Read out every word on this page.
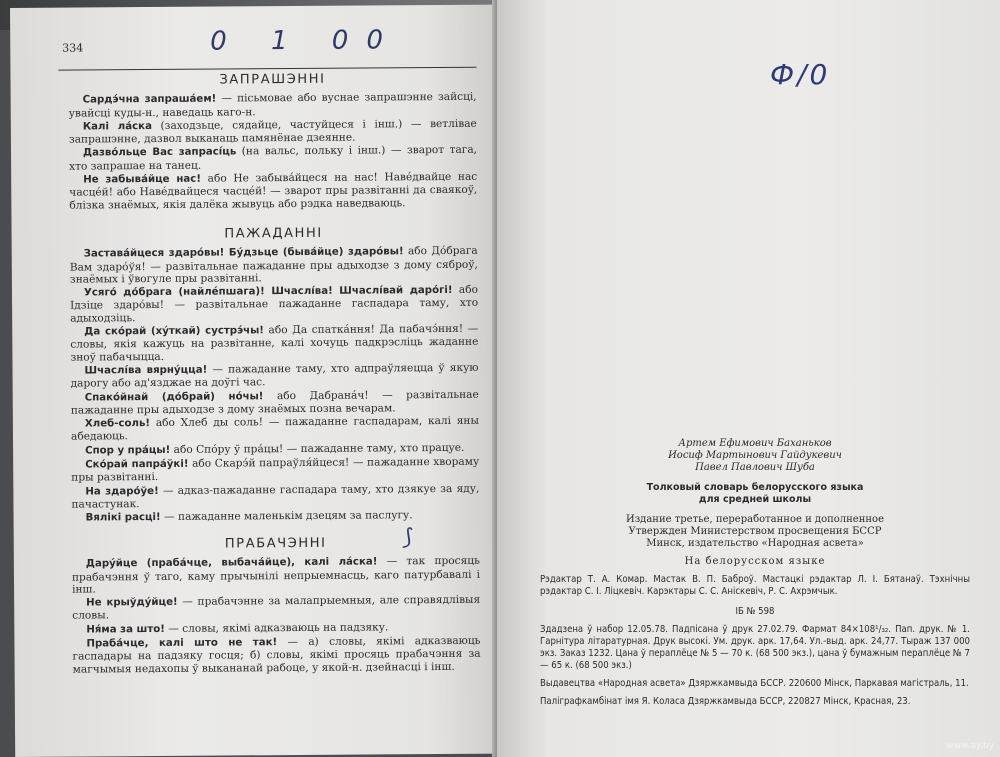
334	0 1 00
ЗАПРАШЭННІ

Сардэ́чна запраша́ем! — пісьмовае або вуснае запрашэнне зайсці, увайсці куды-н., наведаць каго-н.

Калі ла́ска (заходзьце, сядайце, частуйцеся і інш.) — ветлівае запрашэнне, дазвол выканаць памянёнае дзеянне.

Дазво́льце Вас запрасі́ць (на вальс, польку і інш.) — зварот тага, хто запрашае на танец.

Не забыва́йце нас! або Не забыва́йцеся на нас! Наве́двайце нас часце́й! або Наве́двайцеся часце́й! — зварот пры развітанні да сваякоў, блізка знаёмых, якія далёка жывуць або рэдка наведваюць.

ПАЖАДАННІ

Застава́йцеся здаро́вы! Бу́дзьце (быва́йце) здаро́вы! або До́брага Вам здаро́ўя! — развітальнае пажаданне пры адыходзе з дому сяброў, знаёмых і ўвогуле пры развітанні.

Усяго́ до́брага (найле́пшага)! Шчаслі́ва! Шчаслі́вай даро́гі! або Ідзіце здаро́вы! — развітальнае пажаданне гаспадара таму, хто адыходзіць.

Да ско́рай (ху́ткай) сустрэ́чы! або Да спатка́ння! Да пабачэ́ння! — словы, якія кажуць на развітанне, калі хочуць падкрэсліць жаданне зноў пабачыцца.

Шчаслі́ва вярну́цца! — пажаданне таму, хто адпраўляецца ў якую дарогу або ад'язджае на доўгі час.

Спако́йнай (до́брай) но́чы! або Дабрана́ч! — развітальнае пажаданне пры адыходзе з дому знаёмых позна вечарам.

Хлеб-соль! або Хлеб ды соль! — пажаданне гаспадарам, калі яны абедаюць.

Спор у пра́цы! або Спо́ру ў пра́цы! — пажаданне таму, хто працуе.

Ско́рай папра́ўкі! або Скарэ́й папраўля́йцеся! — пажаданне хвораму пры развітанні.

На здаро́ўе! — адказ-пажаданне гаспадара таму, хто дзякуе за яду, пачастунак.

Вялікі расці! — пажаданне маленькім дзецям за паслугу.

ПРАБАЧЭННІ

Дару́йце (праба́чце, выбача́йце), калі ла́ска! — так просяць прабачэння ў таго, каму прычынілі непрыемнасць, каго патурбавалі і інш.

Не крыўду́йце! — прабачэнне за малапрыемныя, але справядлівыя словы.

Ня́ма за што! — словы, якімі адказваюць на падзяку.

Праба́чце, калі што не так! — а) словы, якімі адказваюць гаспадары на падзяку госця; б) словы, якімі просяць прабачэння за магчымыя недахопы ў выкананай рабоце, у якой-н. дзейнасці і інш.

⟆
Ф/0

Артем Ефимович Баханьков

Иосиф Мартынович Гайдукевич

Павел Павлович Шуба

Толковый словарь белорусского языка

для средней школы

Издание третье, переработанное и дополненное

Утвержден Министерством просвещения БССР

Минск, издательство «Народная асвета»

На белорусском языке

Рэдактар Т. А. Комар. Мастак В. П. Баброў. Мастацкі рэдактар Л. І. Бятанаў. Тэхнічны рэдактар С. І. Ліцкевіч. Карэктары С. С. Анiскевiч, Р. С. Ахрэмчык.

ІБ № 598

Здадзена ў набор 12.05.78. Падпісана ў друк 27.02.79. Фармат 84×108¹/₃₂. Пап. друк. № 1. Гарнітура літаратурная. Друк высокі. Ум. друк. арк. 17,64. Ул.-выд. арк. 24,77. Тыраж 137 000 экз. Заказ 1232. Цана ў пераплёце № 5 — 70 к. (68 500 экз.), цана ў бумажным пераплёце № 7 — 65 к. (68 500 экз.)

Выдавецтва «Народная асвета» Дзяржкамвыда БССР. 220600 Мінск, Паркавая магістраль, 11.

Паліграфкамбінат імя Я. Коласа Дзяржкамвыда БССР, 220827 Мінск, Красная, 23.

www.ay.by
